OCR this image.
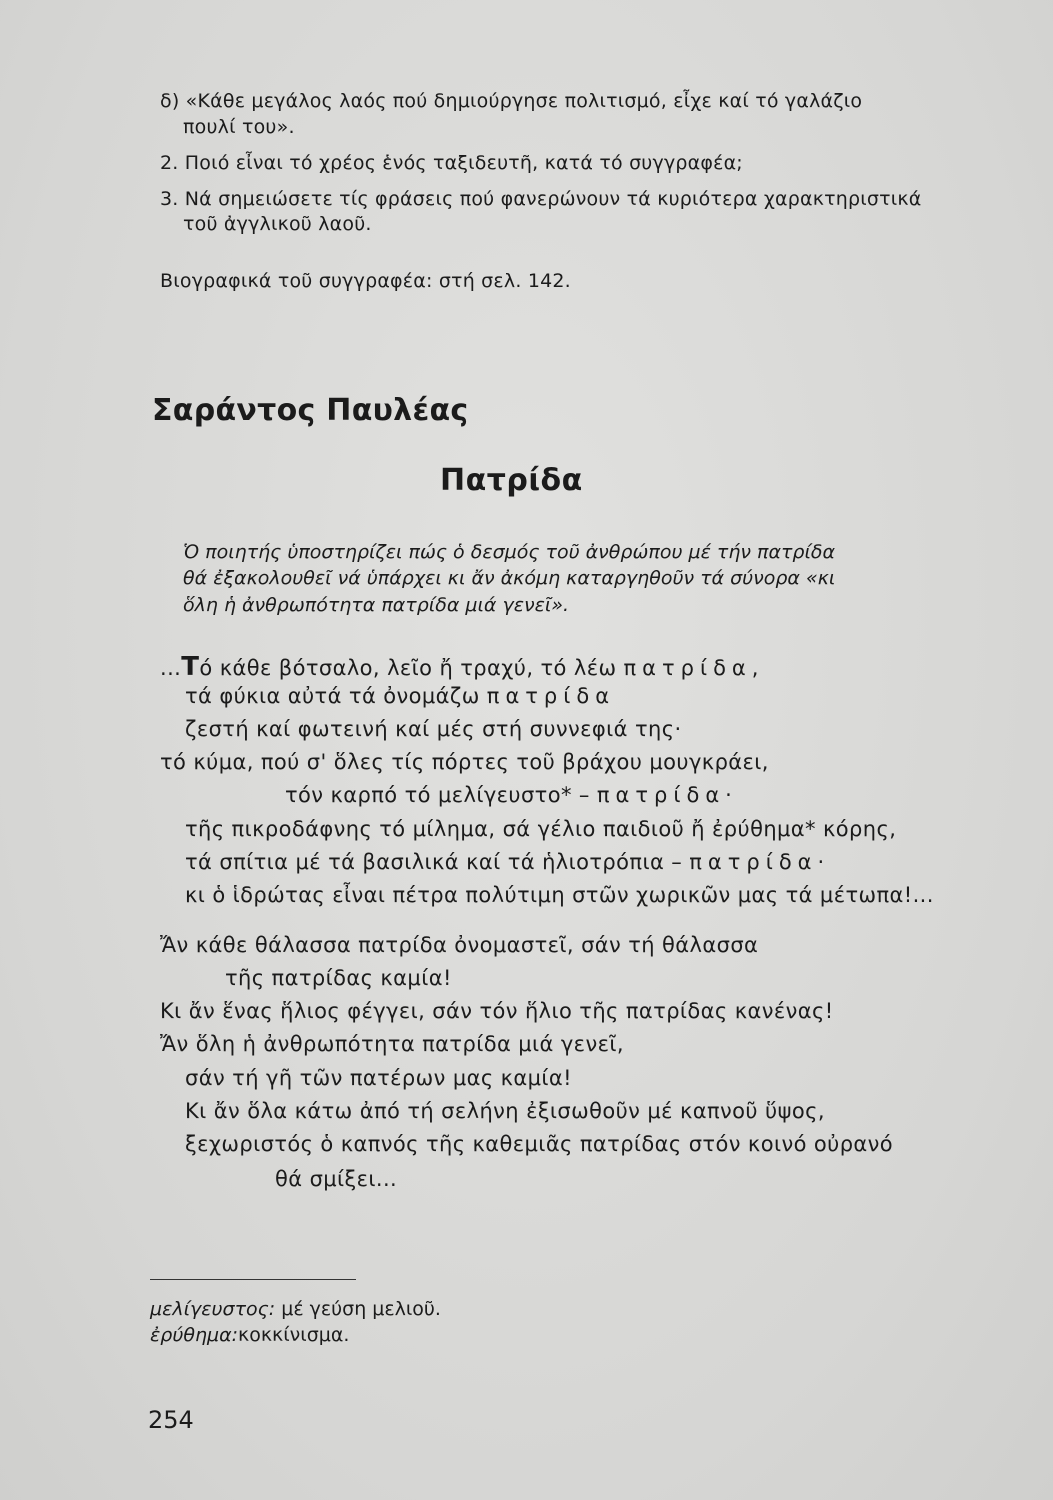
δ) «Κάθε μεγάλος λαός πού δημιούργησε πολιτισμό, εἶχε καί τό γαλάζιο
πουλί του».
2. Ποιό εἶναι τό χρέος ἑνός ταξιδευτῆ, κατά τό συγγραφέα;
3. Νά σημειώσετε τίς φράσεις πού φανερώνουν τά κυριότερα χαρακτηριστικά
τοῦ ἀγγλικοῦ λαοῦ.
Βιογραφικά τοῦ συγγραφέα: στή σελ. 142.
Σαράντος Παυλέας
Πατρίδα
Ὁ ποιητής ὑποστηρίζει πώς ὁ δεσμός τοῦ ἀνθρώπου μέ τήν πατρίδα
θά ἐξακολουθεῖ νά ὑπάρχει κι ἄν ἀκόμη καταργηθοῦν τά σύνορα «κι
ὅλη ἡ ἀνθρωπότητα πατρίδα μιά γενεῖ».
...Τό κάθε βότσαλο, λεῖο ἤ τραχύ, τό λέω πατρίδα,
τά φύκια αὐτά τά ὀνομάζω πατρίδα
ζεστή καί φωτεινή καί μές στή συννεφιά της·
τό κύμα, πού σ' ὅλες τίς πόρτες τοῦ βράχου μουγκράει,
τόν καρπό τό μελίγευστο* – πατρίδα·
τῆς πικροδάφνης τό μίλημα, σά γέλιο παιδιοῦ ἤ ἐρύθημα* κόρης,
τά σπίτια μέ τά βασιλικά καί τά ἡλιοτρόπια – πατρίδα·
κι ὁ ἱδρώτας εἶναι πέτρα πολύτιμη στῶν χωρικῶν μας τά μέτωπα!...
Ἄν κάθε θάλασσα πατρίδα ὀνομαστεῖ, σάν τή θάλασσα
τῆς πατρίδας καμία!
Κι ἄν ἕνας ἥλιος φέγγει, σάν τόν ἥλιο τῆς πατρίδας κανένας!
Ἄν ὅλη ἡ ἀνθρωπότητα πατρίδα μιά γενεῖ,
σάν τή γῆ τῶν πατέρων μας καμία!
Κι ἄν ὅλα κάτω ἀπό τή σελήνη ἐξισωθοῦν μέ καπνοῦ ὕψος,
ξεχωριστός ὁ καπνός τῆς καθεμιᾶς πατρίδας στόν κοινό οὐρανό
θά σμίξει...
μελίγευστος: μέ γεύση μελιοῦ.
ἐρύθημα:κοκκίνισμα.
254
